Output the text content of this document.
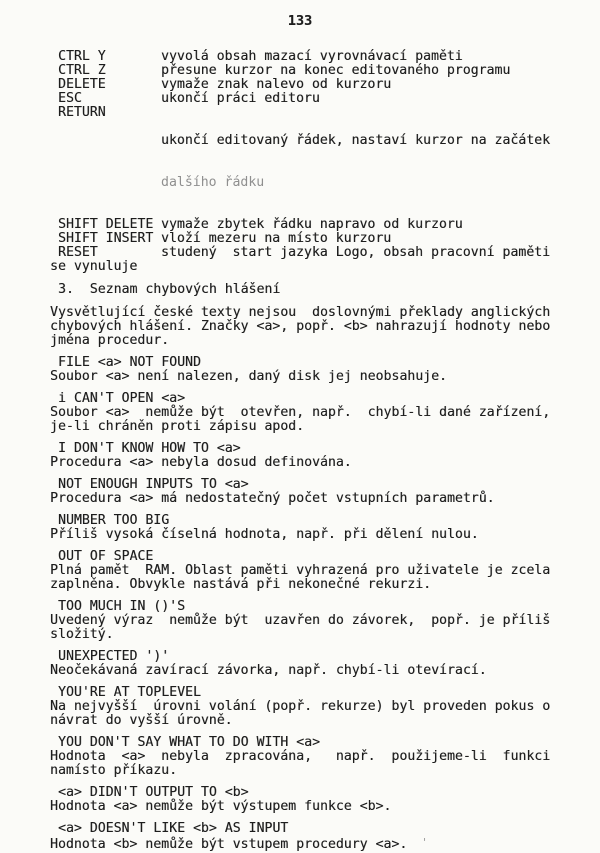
133
CTRL Y	vyvolá obsah mazací vyrovnávací paměti
CTRL Z	přesune kurzor na konec editovaného programu
DELETE	vymaže znak nalevo od kurzoru
ESC	ukončí práci editoru
RETURN

ukončí editovaný řádek, nastaví kurzor na začátek

dalšího řádku

SHIFT DELETE vymaže zbytek řádku napravo od kurzoru
SHIFT INSERT vloží mezeru na místo kurzoru
RESET	studený  start jazyka Logo, obsah pracovní paměti
se vynuluje
3.  Seznam chybových hlášení
Vysvětlující české texty nejsou  doslovnými překlady anglických
chybových hlášení. Značky <a>, popř. <b> nahrazují hodnoty nebo
jména procedur.
FILE <a> NOT FOUND
Soubor <a> není nalezen, daný disk jej neobsahuje.
i CAN'T OPEN <a>
Soubor <a>  nemůže být  otevřen, např.  chybí-li dané zařízení,
je-li chráněn proti zápisu apod.
I DON'T KNOW HOW TO <a>
Procedura <a> nebyla dosud definována.
NOT ENOUGH INPUTS TO <a>
Procedura <a> má nedostatečný počet vstupních parametrů.
NUMBER TOO BIG
Příliš vysoká číselná hodnota, např. při dělení nulou.
OUT OF SPACE
Plná pamět  RAM. Oblast paměti vyhrazená pro uživatele je zcela
zaplněna. Obvykle nastává při nekonečné rekurzi.
TOO MUCH IN ()'S
Uvedený výraz  nemůže být  uzavřen do závorek,  popř. je příliš
složitý.
UNEXPECTED ')'
Neočekávaná zavírací závorka, např. chybí-li otevírací.
YOU'RE AT TOPLEVEL
Na nejvyšší  úrovni volání (popř. rekurze) byl proveden pokus o
návrat do vyšší úrovně.
YOU DON'T SAY WHAT TO DO WITH <a>
Hodnota  <a>  nebyla  zpracována,   např.  použijeme-li  funkci
namísto příkazu.
<a> DIDN'T OUTPUT TO <b>
Hodnota <a> nemůže být výstupem funkce <b>.
<a> DOESN'T LIKE <b> AS INPUT
Hodnota <b> nemůže být vstupem procedury <a>. '
